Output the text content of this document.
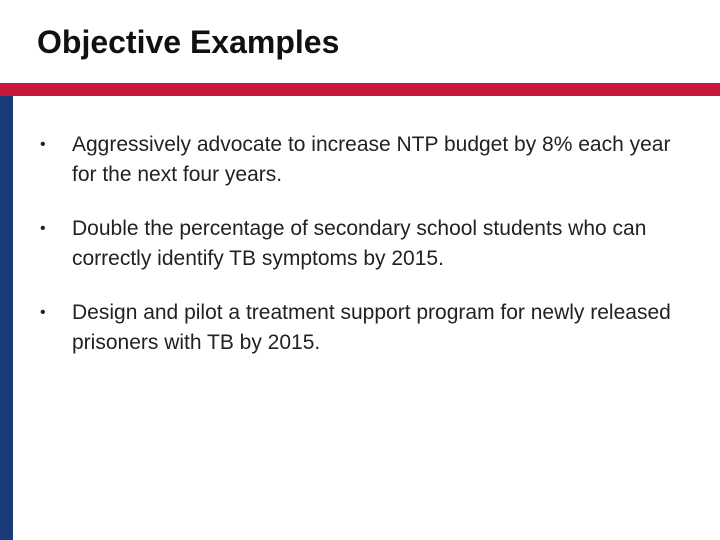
Objective Examples
•	Aggressively advocate to increase NTP budget by 8% each year for the next four years.
•	Double the percentage of secondary school students who can correctly identify TB symptoms by 2015.
•	Design and pilot a treatment support program for newly released prisoners with TB by 2015.
